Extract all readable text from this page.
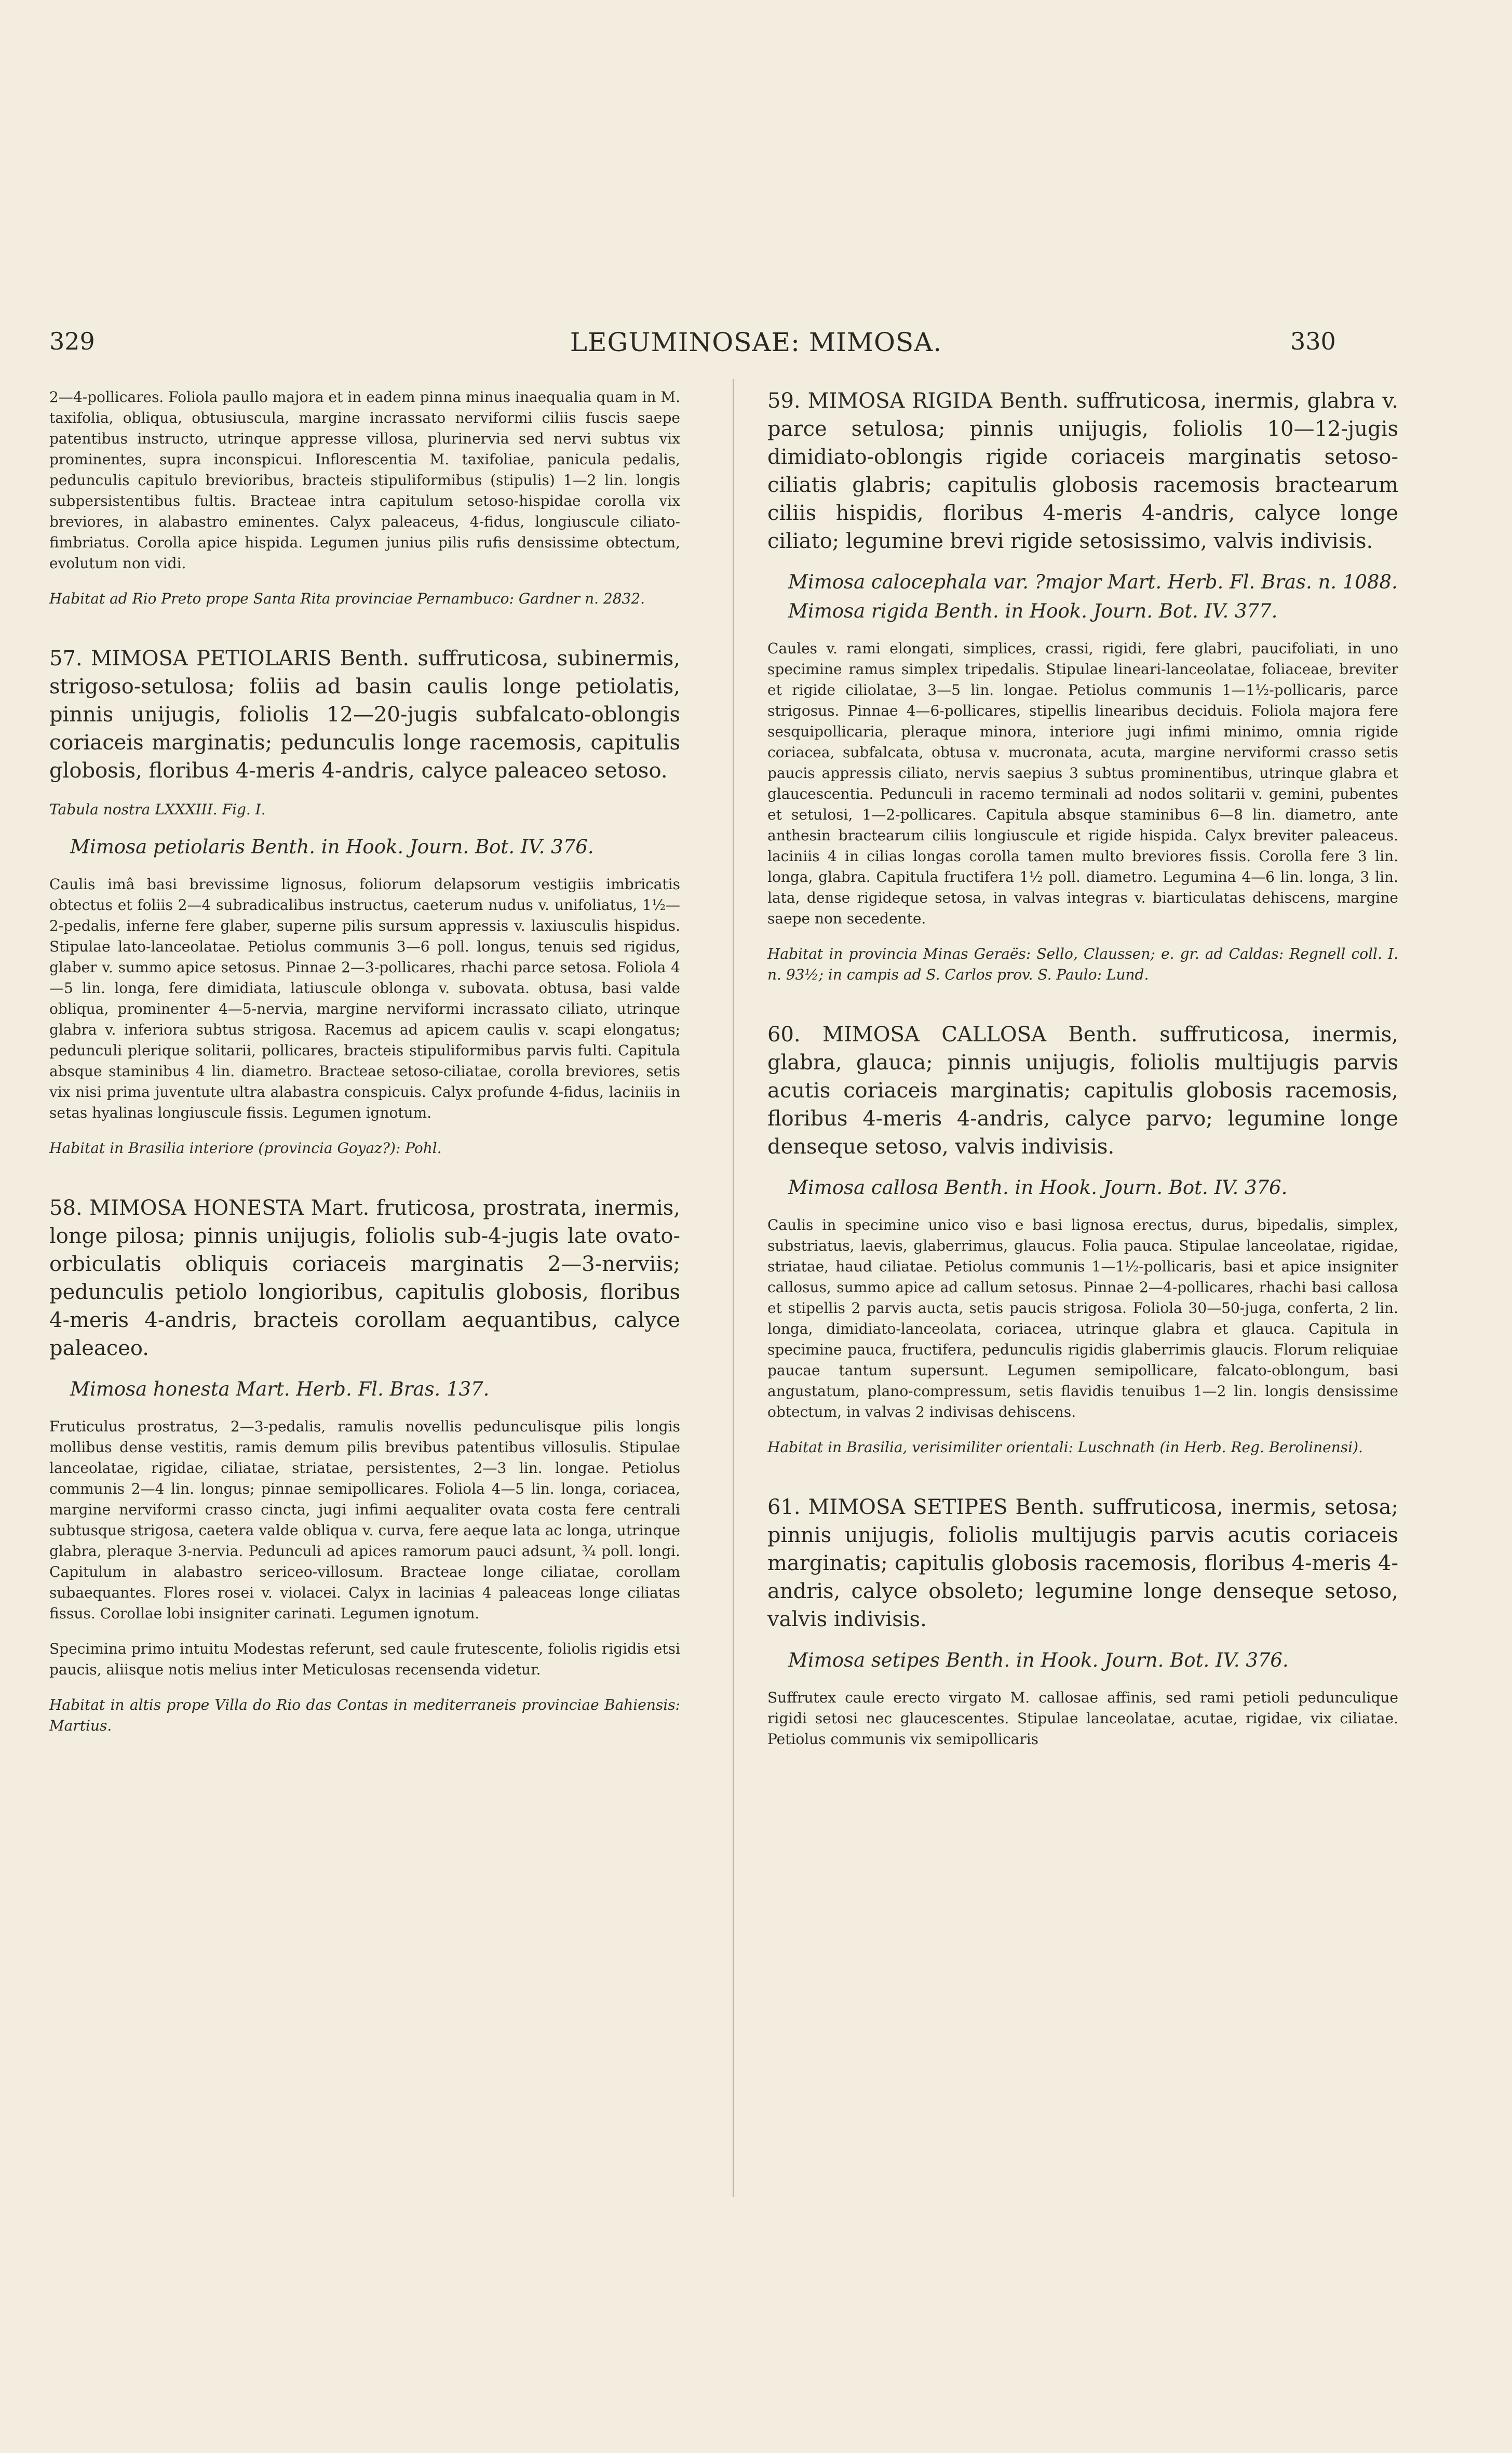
329	LEGUMINOSAE: MIMOSA.	330

2—4-pollicares. Foliola paullo majora et in eadem pinna minus inaequalia quam in M. taxifolia, obliqua, obtusiuscula, margine incrassato nerviformi ciliis fuscis saepe patentibus instructo, utrinque appresse villosa, plurinervia sed nervi subtus vix prominentes, supra inconspicui. Inflorescentia M. taxifoliae, panicula pedalis, pedunculis capitulo brevioribus, bracteis stipuliformibus (stipulis) 1—2 lin. longis subpersistentibus fultis. Bracteae intra capitulum setoso-hispidae corolla vix breviores, in alabastro eminentes. Calyx paleaceus, 4-fidus, longiuscule ciliato-fimbriatus. Corolla apice hispida. Legumen junius pilis rufis densissime obtectum, evolutum non vidi.

Habitat ad Rio Preto prope Santa Rita provinciae Pernambuco: Gardner n. 2832.

57. MIMOSA PETIOLARIS Benth. suffruticosa, subinermis, strigoso-setulosa; foliis ad basin caulis longe petiolatis, pinnis unijugis, foliolis 12—20-jugis subfalcato-oblongis coriaceis marginatis; pedunculis longe racemosis, capitulis globosis, floribus 4-meris 4-andris, calyce paleaceo setoso.

Tabula nostra LXXXIII. Fig. I.

Mimosa petiolaris Benth. in Hook. Journ. Bot. IV. 376.

Caulis imâ basi brevissime lignosus, foliorum delapsorum vestigiis imbricatis obtectus et foliis 2—4 subradicalibus instructus, caeterum nudus v. unifoliatus, 1½—2-pedalis, inferne fere glaber, superne pilis sursum appressis v. laxiusculis hispidus. Stipulae lato-lanceolatae. Petiolus communis 3—6 poll. longus, tenuis sed rigidus, glaber v. summo apice setosus. Pinnae 2—3-pollicares, rhachi parce setosa. Foliola 4—5 lin. longa, fere dimidiata, latiuscule oblonga v. subovata. obtusa, basi valde obliqua, prominenter 4—5-nervia, margine nerviformi incrassato ciliato, utrinque glabra v. inferiora subtus strigosa. Racemus ad apicem caulis v. scapi elongatus; pedunculi plerique solitarii, pollicares, bracteis stipuliformibus parvis fulti. Capitula absque staminibus 4 lin. diametro. Bracteae setoso-ciliatae, corolla breviores, setis vix nisi prima juventute ultra alabastra conspicuis. Calyx profunde 4-fidus, laciniis in setas hyalinas longiuscule fissis. Legumen ignotum.

Habitat in Brasilia interiore (provincia Goyaz?): Pohl.

58. MIMOSA HONESTA Mart. fruticosa, prostrata, inermis, longe pilosa; pinnis unijugis, foliolis sub-4-jugis late ovato-orbiculatis obliquis coriaceis marginatis 2—3-nerviis; pedunculis petiolo longioribus, capitulis globosis, floribus 4-meris 4-andris, bracteis corollam aequantibus, calyce paleaceo.

Mimosa honesta Mart. Herb. Fl. Bras. 137.

Fruticulus prostratus, 2—3-pedalis, ramulis novellis pedunculisque pilis longis mollibus dense vestitis, ramis demum pilis brevibus patentibus villosulis. Stipulae lanceolatae, rigidae, ciliatae, striatae, persistentes, 2—3 lin. longae. Petiolus communis 2—4 lin. longus; pinnae semipollicares. Foliola 4—5 lin. longa, coriacea, margine nerviformi crasso cincta, jugi infimi aequaliter ovata costa fere centrali subtusque strigosa, caetera valde obliqua v. curva, fere aeque lata ac longa, utrinque glabra, pleraque 3-nervia. Pedunculi ad apices ramorum pauci adsunt, ¾ poll. longi. Capitulum in alabastro sericeo-villosum. Bracteae longe ciliatae, corollam subaequantes. Flores rosei v. violacei. Calyx in lacinias 4 paleaceas longe ciliatas fissus. Corollae lobi insigniter carinati. Legumen ignotum.

Specimina primo intuitu Modestas referunt, sed caule frutescente, foliolis rigidis etsi paucis, aliisque notis melius inter Meticulosas recensenda videtur.

Habitat in altis prope Villa do Rio das Contas in mediterraneis provinciae Bahiensis: Martius.

59. MIMOSA RIGIDA Benth. suffruticosa, inermis, glabra v. parce setulosa; pinnis unijugis, foliolis 10—12-jugis dimidiato-oblongis rigide coriaceis marginatis setoso-ciliatis glabris; capitulis globosis racemosis bractearum ciliis hispidis, floribus 4-meris 4-andris, calyce longe ciliato; legumine brevi rigide setosissimo, valvis indivisis.

Mimosa calocephala var. ?major Mart. Herb. Fl. Bras. n. 1088.

Mimosa rigida Benth. in Hook. Journ. Bot. IV. 377.

Caules v. rami elongati, simplices, crassi, rigidi, fere glabri, paucifoliati, in uno specimine ramus simplex tripedalis. Stipulae lineari-lanceolatae, foliaceae, breviter et rigide ciliolatae, 3—5 lin. longae. Petiolus communis 1—1½-pollicaris, parce strigosus. Pinnae 4—6-pollicares, stipellis linearibus deciduis. Foliola majora fere sesquipollicaria, pleraque minora, interiore jugi infimi minimo, omnia rigide coriacea, subfalcata, obtusa v. mucronata, acuta, margine nerviformi crasso setis paucis appressis ciliato, nervis saepius 3 subtus prominentibus, utrinque glabra et glaucescentia. Pedunculi in racemo terminali ad nodos solitarii v. gemini, pubentes et setulosi, 1—2-pollicares. Capitula absque staminibus 6—8 lin. diametro, ante anthesin bractearum ciliis longiuscule et rigide hispida. Calyx breviter paleaceus. laciniis 4 in cilias longas corolla tamen multo breviores fissis. Corolla fere 3 lin. longa, glabra. Capitula fructifera 1½ poll. diametro. Legumina 4—6 lin. longa, 3 lin. lata, dense rigideque setosa, in valvas integras v. biarticulatas dehiscens, margine saepe non secedente.

Habitat in provincia Minas Geraës: Sello, Claussen; e. gr. ad Caldas: Regnell coll. I. n. 93½; in campis ad S. Carlos prov. S. Paulo: Lund.

60. MIMOSA CALLOSA Benth. suffruticosa, inermis, glabra, glauca; pinnis unijugis, foliolis multijugis parvis acutis coriaceis marginatis; capitulis globosis racemosis, floribus 4-meris 4-andris, calyce parvo; legumine longe denseque setoso, valvis indivisis.

Mimosa callosa Benth. in Hook. Journ. Bot. IV. 376.

Caulis in specimine unico viso e basi lignosa erectus, durus, bipedalis, simplex, substriatus, laevis, glaberrimus, glaucus. Folia pauca. Stipulae lanceolatae, rigidae, striatae, haud ciliatae. Petiolus communis 1—1½-pollicaris, basi et apice insigniter callosus, summo apice ad callum setosus. Pinnae 2—4-pollicares, rhachi basi callosa et stipellis 2 parvis aucta, setis paucis strigosa. Foliola 30—50-juga, conferta, 2 lin. longa, dimidiato-lanceolata, coriacea, utrinque glabra et glauca. Capitula in specimine pauca, fructifera, pedunculis rigidis glaberrimis glaucis. Florum reliquiae paucae tantum supersunt. Legumen semipollicare, falcato-oblongum, basi angustatum, plano-compressum, setis flavidis tenuibus 1—2 lin. longis densissime obtectum, in valvas 2 indivisas dehiscens.

Habitat in Brasilia, verisimiliter orientali: Luschnath (in Herb. Reg. Berolinensi).

61. MIMOSA SETIPES Benth. suffruticosa, inermis, setosa; pinnis unijugis, foliolis multijugis parvis acutis coriaceis marginatis; capitulis globosis racemosis, floribus 4-meris 4-andris, calyce obsoleto; legumine longe denseque setoso, valvis indivisis.

Mimosa setipes Benth. in Hook. Journ. Bot. IV. 376.

Suffrutex caule erecto virgato M. callosae affinis, sed rami petioli pedunculique rigidi setosi nec glaucescentes. Stipulae lanceolatae, acutae, rigidae, vix ciliatae. Petiolus communis vix semipollicaris
